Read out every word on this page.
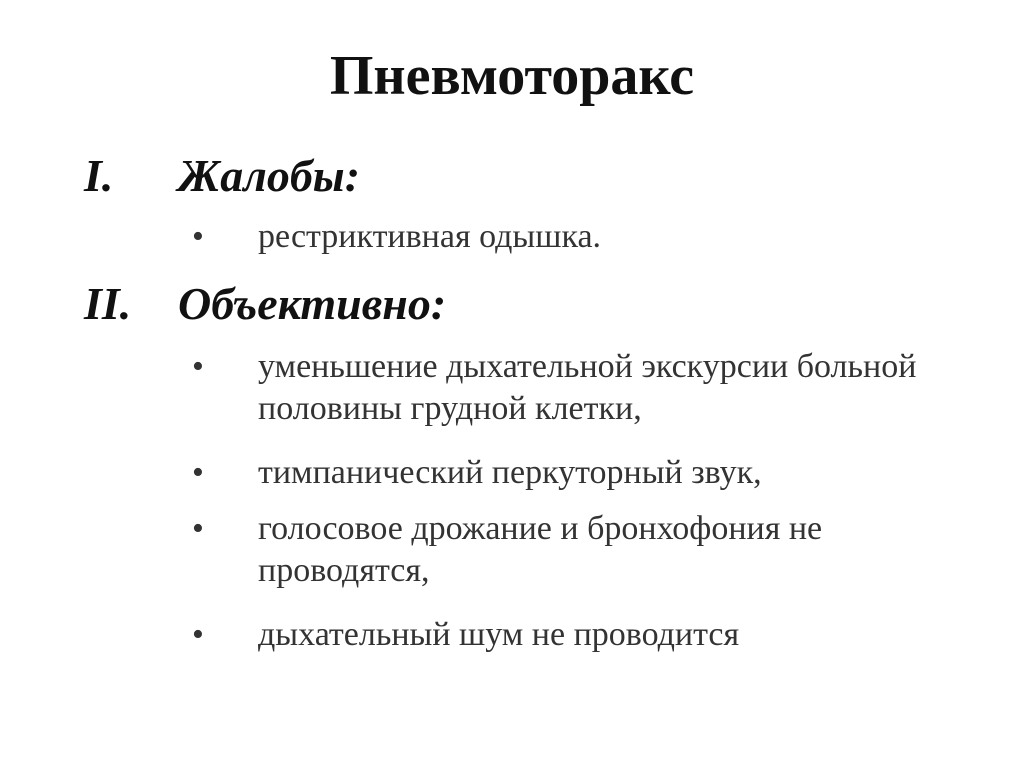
Пневмоторакс
I. Жалобы:
• рестриктивная одышка.
II. Объективно:
• уменьшение дыхательной экскурсии больной половины грудной клетки,
• тимпанический перкуторный звук,
• голосовое дрожание и бронхофония не проводятся,
• дыхательный шум не проводится
